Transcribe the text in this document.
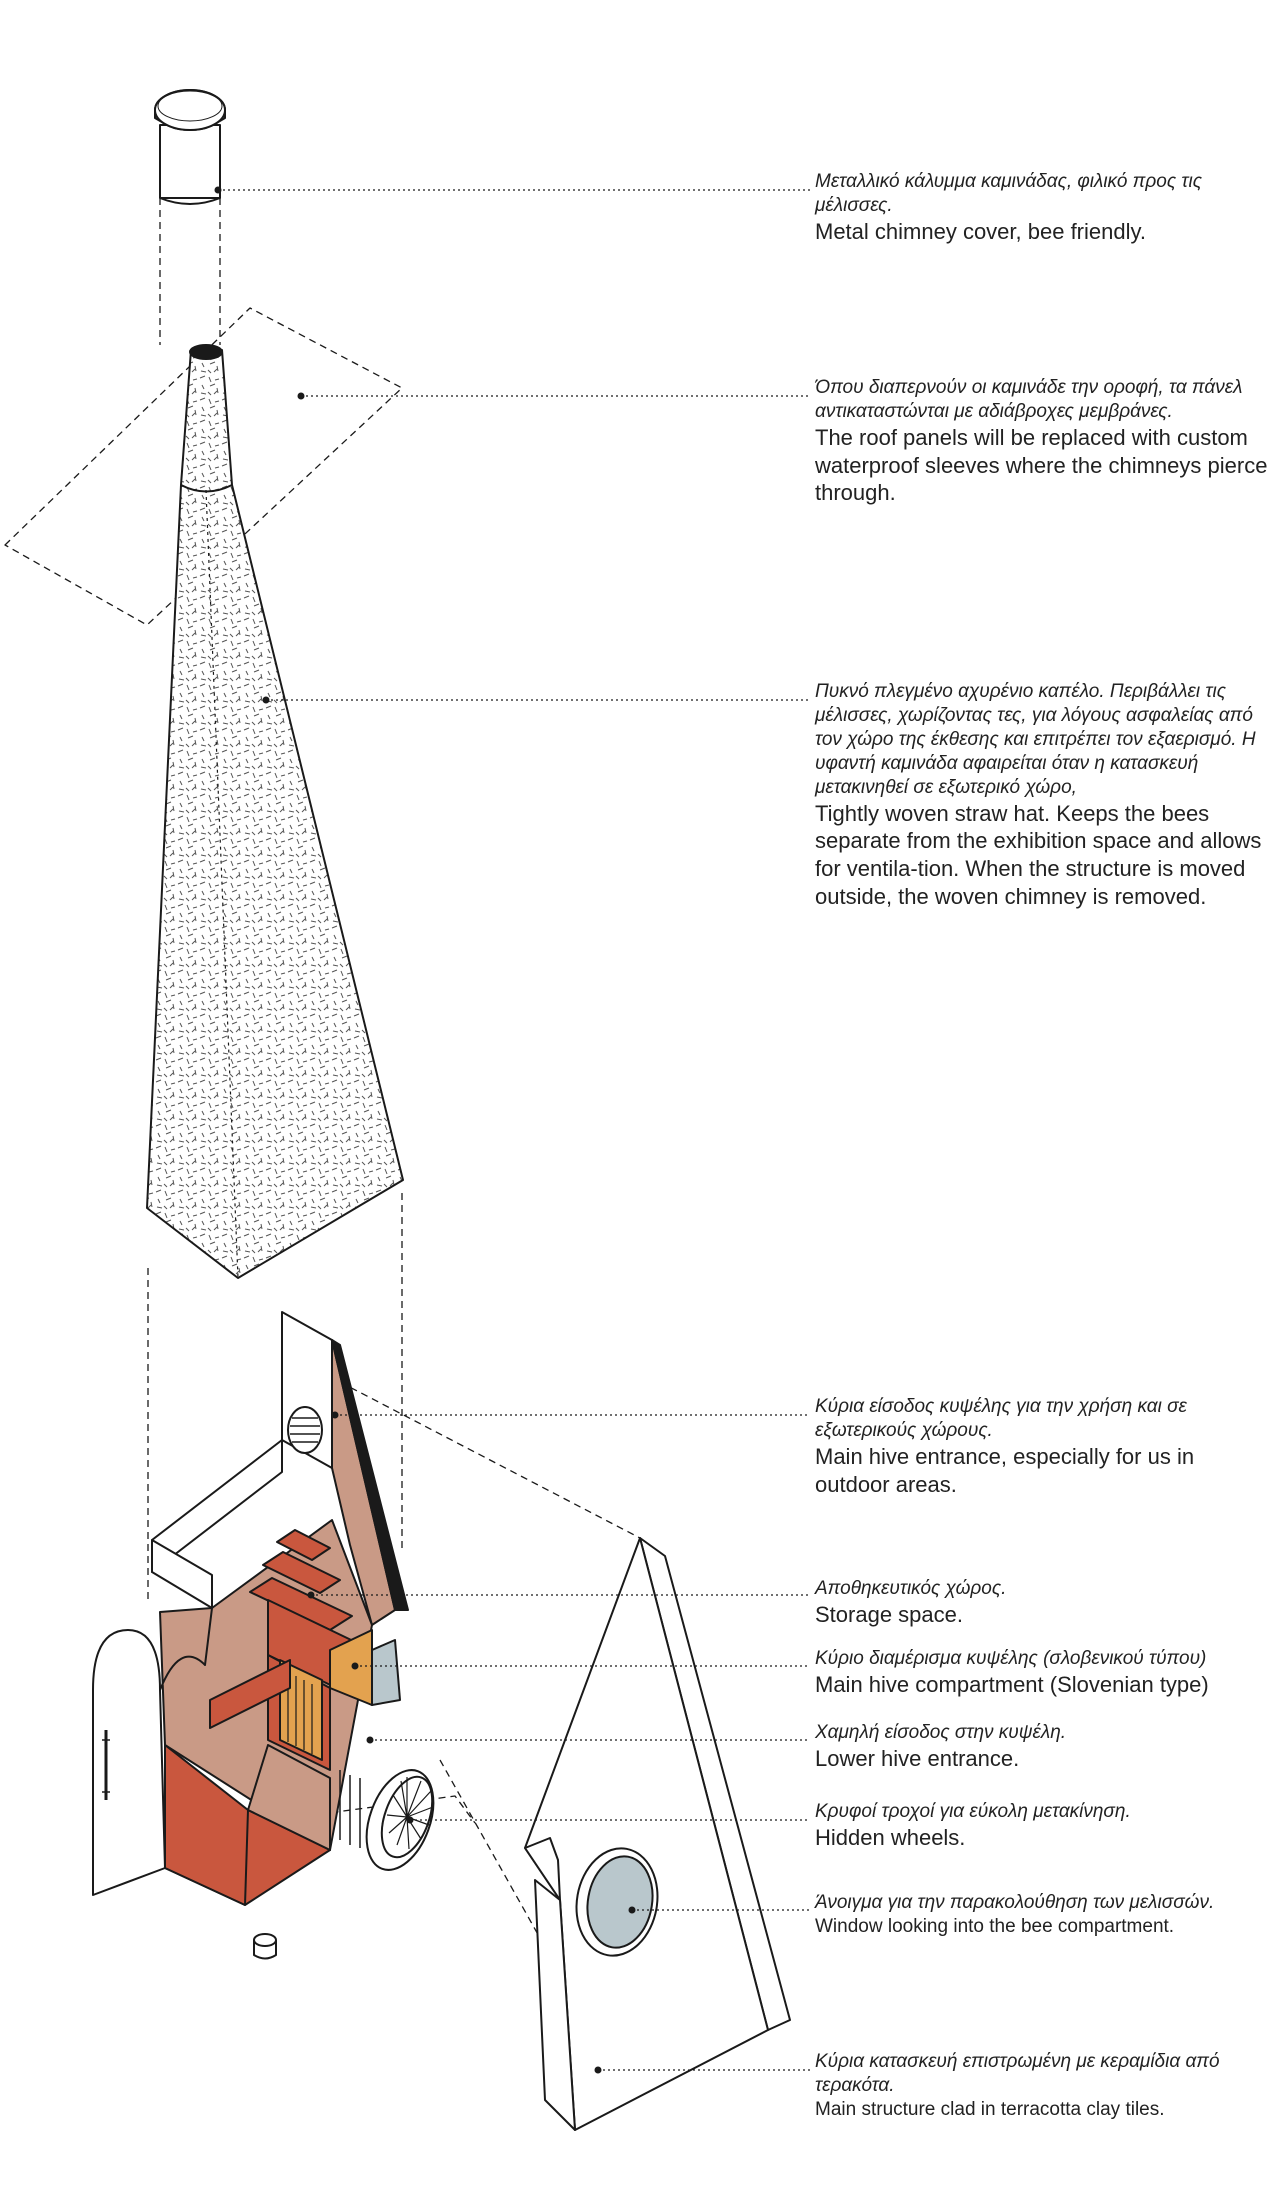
Μεταλλικό κάλυμμα καμινάδας, φιλικό προς τις μέλισσες.
Metal chimney cover, bee friendly.
Όπου διαπερνούν οι καμινάδε την οροφή, τα πάνελ αντικαταστώνται με αδιάβροχες μεμβράνες.
The roof panels will be replaced with custom waterproof sleeves where the chimneys pierce through.
Πυκνό πλεγμένο αχυρένιο καπέλο. Περιβάλλει τις μέλισσες, χωρίζοντας τες, για λόγους ασφαλείας από τον χώρο της έκθεσης και επιτρέπει τον εξαερισμό. Η υφαντή καμινάδα αφαιρείται όταν η κατασκευή μετακινηθεί σε εξωτερικό χώρο,
Tightly woven straw hat. Keeps the bees separate from the exhibition space and allows for ventila-tion. When the structure is moved outside, the woven chimney is removed.
Κύρια είσοδος κυψέλης για την χρήση και σε εξωτερικούς χώρους.
Main hive entrance, especially for us in outdoor areas.
Αποθηκευτικός χώρος.
Storage space.
Κύριο διαμέρισμα κυψέλης (σλοβενικού τύπου)
Main hive compartment (Slovenian type)
Χαμηλή είσοδος στην κυψέλη.
Lower hive entrance.
Κρυφοί τροχοί για εύκολη μετακίνηση.
Hidden wheels.
Άνοιγμα για την παρακολούθηση των μελισσών.
Window looking into the bee compartment.
Κύρια κατασκευή επιστρωμένη με κεραμίδια από τερακότα.
Main structure clad in terracotta clay tiles.
